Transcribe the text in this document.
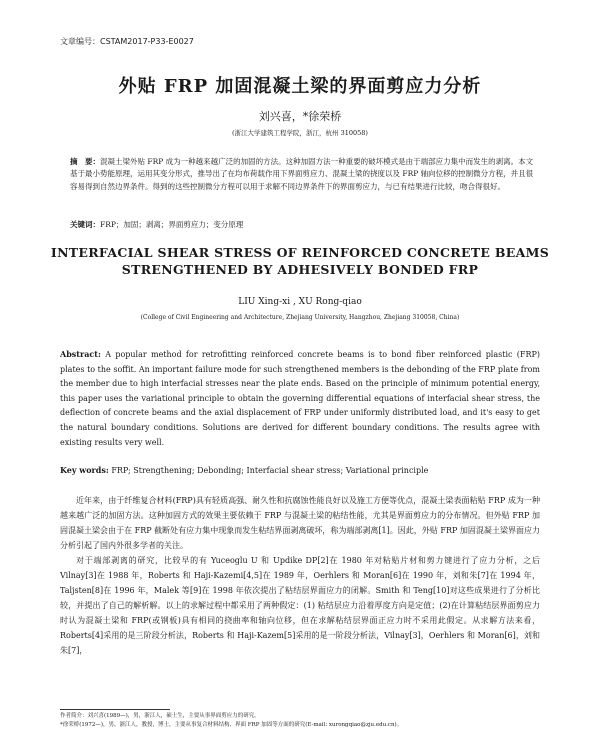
文章编号：CSTAM2017-P33-E0027
外贴 FRP 加固混凝土梁的界面剪应力分析
刘兴喜，*徐荣桥
(浙江大学建筑工程学院，浙江，杭州 310058)
摘　要：混凝土梁外贴 FRP 成为一种越来越广泛的加固的方法。这种加固方法一种重要的破坏模式是由于端部应力集中而发生的剥离。本文基于最小势能原理，运用其变分形式，推导出了在均布荷载作用下界面剪应力、混凝土梁的挠度以及 FRP 轴向位移的控制微分方程，并且很容易得到自然边界条件。得到的这些控制微分方程可以用于求解不同边界条件下的界面剪应力，与已有结果进行比较，吻合得很好。
关键词：FRP；加固；剥离；界面剪应力；变分原理
INTERFACIAL SHEAR STRESS OF REINFORCED CONCRETE BEAMS STRENGTHENED BY ADHESIVELY BONDED FRP
LIU Xing-xi , XU Rong-qiao
(College of Civil Engineering and Architecture, Zhejiang University, Hangzhou, Zhejiang 310058, China)
Abstract: A popular method for retrofitting reinforced concrete beams is to bond fiber reinforced plastic (FRP) plates to the soffit. An important failure mode for such strengthened members is the debonding of the FRP plate from the member due to high interfacial stresses near the plate ends. Based on the principle of minimum potential energy, this paper uses the variational principle to obtain the governing differential equations of interfacial shear stress, the deflection of concrete beams and the axial displacement of FRP under uniformly distributed load, and it's easy to get the natural boundary conditions. Solutions are derived for different boundary conditions. The results agree with existing results very well.
Key words: FRP; Strengthening; Debonding; Interfacial shear stress; Variational principle

近年来，由于纤维复合材料(FRP)具有轻质高强、耐久性和抗腐蚀性能良好以及施工方便等优点，混凝土梁表面粘贴 FRP 成为一种越来越广泛的加固方法。这种加固方式的效果主要依赖于 FRP 与混凝土梁的粘结性能，尤其是界面剪应力的分布情况。但外贴 FRP 加固混凝土梁会由于在 FRP 截断处有应力集中现象而发生粘结界面剥离破坏，称为端部剥离[1]。因此，外贴 FRP 加固混凝土梁界面应力分析引起了国内外很多学者的关注。

对于端部剥离的研究，比较早的有 Yuceoglu U 和 Updike DP[2]在 1980 年对粘贴片材和剪力键进行了应力分析，之后 Vilnay[3]在 1988 年，Roberts 和 Haji-Kazemi[4,5]在 1989 年，Oerhlers 和 Moran[6]在 1990 年，刘和朱[7]在 1994 年，Taljsten[8]在 1996 年，Malek 等[9]在 1998 年依次提出了粘结层界面应力的闭解。Smith 和 Teng[10]对这些成果进行了分析比较，并提出了自己的解析解。以上的求解过程中都采用了两种假定：(1) 粘结层应力沿着厚度方向是定值；(2)在计算粘结层界面剪应力时认为混凝土梁和 FRP(或钢板)具有相同的挠曲率和轴向位移，但在求解粘结层界面正应力时不采用此假定。从求解方法来看，Roberts[4]采用的是三阶段分析法，Roberts 和 Haji-Kazem[5]采用的是一阶段分析法，Vilnay[3]，Oerhlers 和 Moran[6]，刘和朱[7]，

作者简介：刘兴喜(1989—)，男，浙江人，硕士生，主要从事界面剪应力的研究。
*徐荣桥(1972—)，男，浙江人，教授，博士，主要从事复合材料结构、界面 FRP 加固等方面的研究(E-mail: xurongqiao@zju.edu.cn)。
